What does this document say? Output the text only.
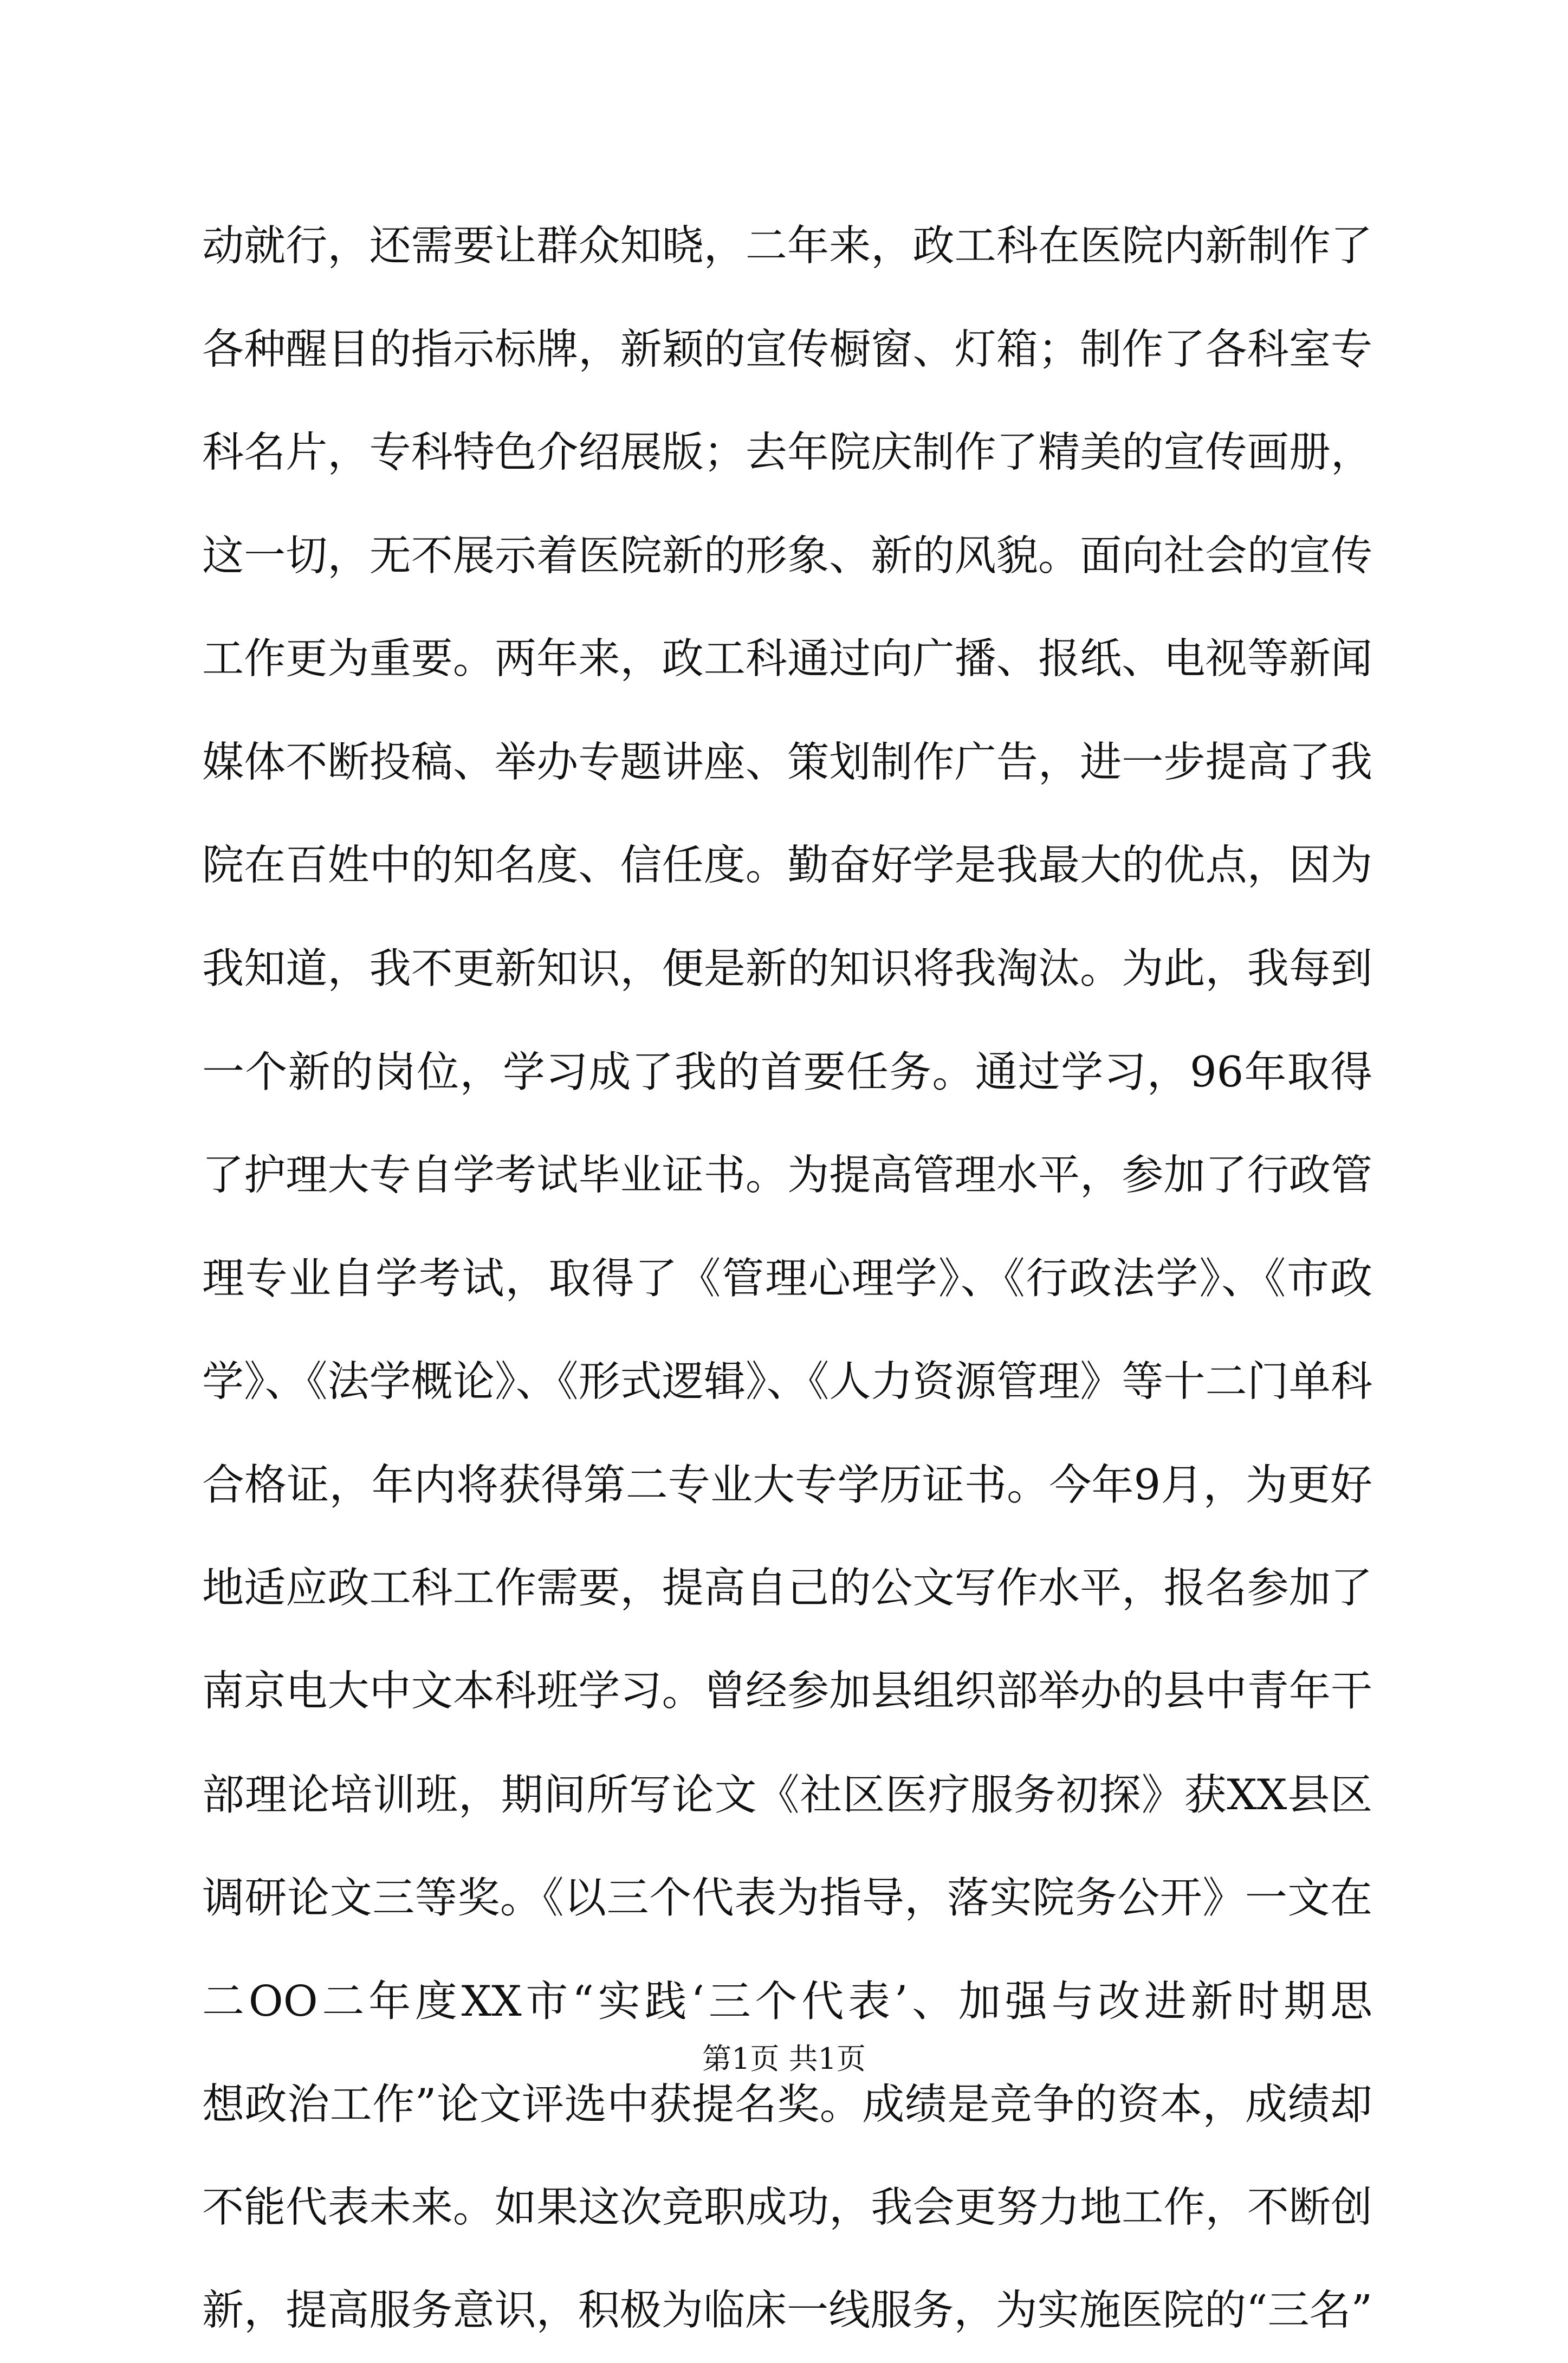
动就行，还需要让群众知晓，二年来，政工科在医院内新制作了
各种醒目的指示标牌，新颖的宣传橱窗、灯箱；制作了各科室专
科名片，专科特色介绍展版；去年院庆制作了精美的宣传画册，
这一切，无不展示着医院新的形象、新的风貌。面向社会的宣传
工作更为重要。两年来，政工科通过向广播、报纸、电视等新闻
媒体不断投稿、举办专题讲座、策划制作广告，进一步提高了我
院在百姓中的知名度、信任度。勤奋好学是我最大的优点，因为
我知道，我不更新知识，便是新的知识将我淘汰。为此，我每到
一个新的岗位，学习成了我的首要任务。通过学习，96年取得
了护理大专自学考试毕业证书。为提高管理水平，参加了行政管
理专业自学考试，取得了《管理心理学》、《行政法学》、《市政
学》、《法学概论》、《形式逻辑》、《人力资源管理》等十二门单科
合格证，年内将获得第二专业大专学历证书。今年9月，为更好
地适应政工科工作需要，提高自己的公文写作水平，报名参加了
南京电大中文本科班学习。曾经参加县组织部举办的县中青年干
部理论培训班，期间所写论文《社区医疗服务初探》获XX县区
调研论文三等奖。《以三个代表为指导，落实院务公开》一文在
二OO二年度XX市“实践‘三个代表’、加强与改进新时期思
想政治工作”论文评选中获提名奖。成绩是竞争的资本，成绩却
不能代表未来。如果这次竞职成功，我会更努力地工作，不断创
新，提高服务意识，积极为临床一线服务，为实施医院的“三名”
第1页 共1页
